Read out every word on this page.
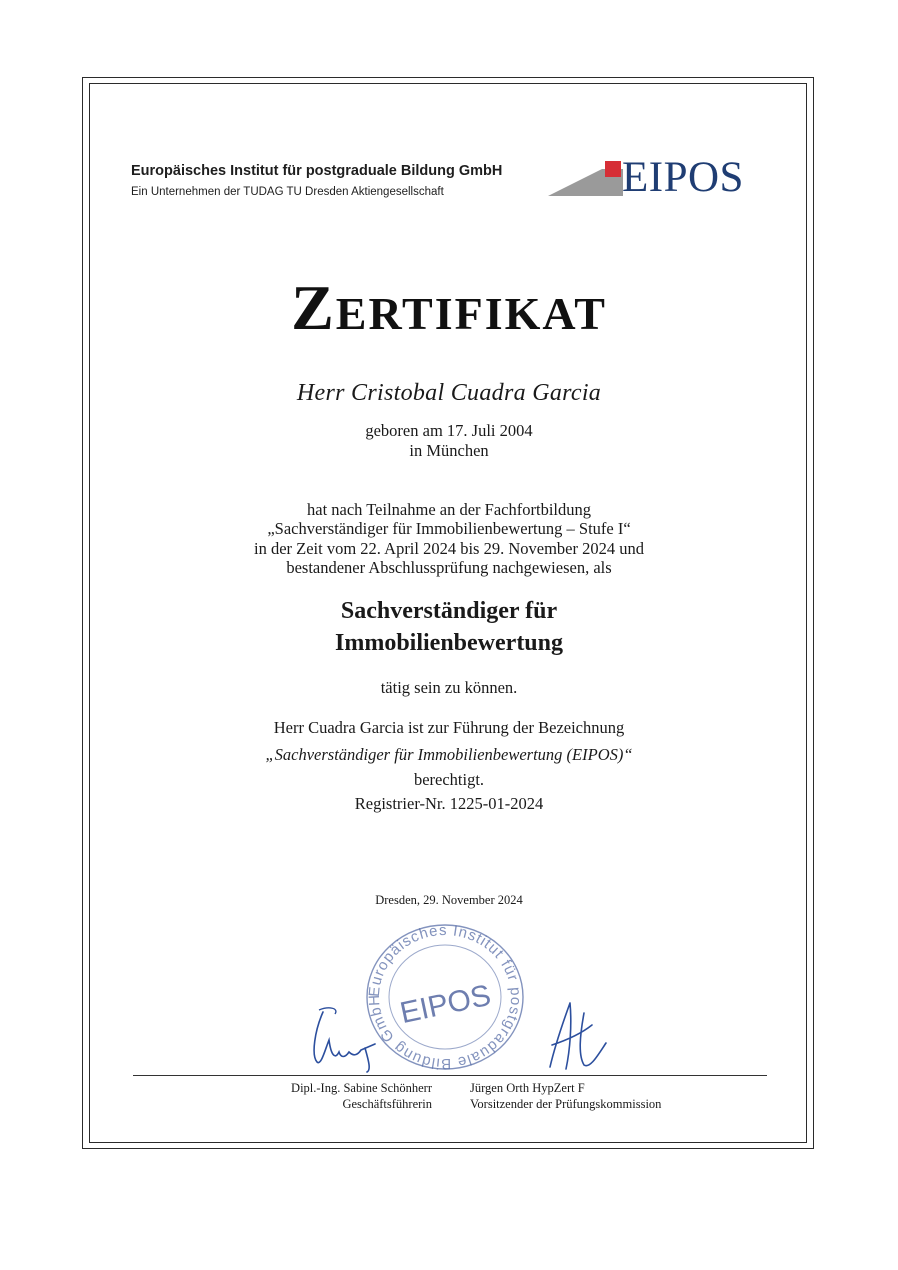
Europäisches Institut für postgraduale Bildung GmbH
Ein Unternehmen der TUDAG TU Dresden Aktiengesellschaft	EIPOS
ZERTIFIKAT
Herr Cristobal Cuadra Garcia
geboren am 17. Juli 2004
in München
hat nach Teilnahme an der Fachfortbildung
„Sachverständiger für Immobilienbewertung – Stufe I“
in der Zeit vom 22. April 2024 bis 29. November 2024 und
bestandener Abschlussprüfung nachgewiesen, als
Sachverständiger für
Immobilienbewertung
tätig sein zu können.
Herr Cuadra Garcia ist zur Führung der Bezeichnung
„Sachverständiger für Immobilienbewertung (EIPOS)“
berechtigt.
Registrier-Nr. 1225-01-2024
Dresden, 29. November 2024
Europäisches Institut für postgraduale Bildung GmbH EIPOS
Dipl.-Ing. Sabine Schönherr
Geschäftsführerin
Jürgen Orth HypZert F
Vorsitzender der Prüfungskommission
